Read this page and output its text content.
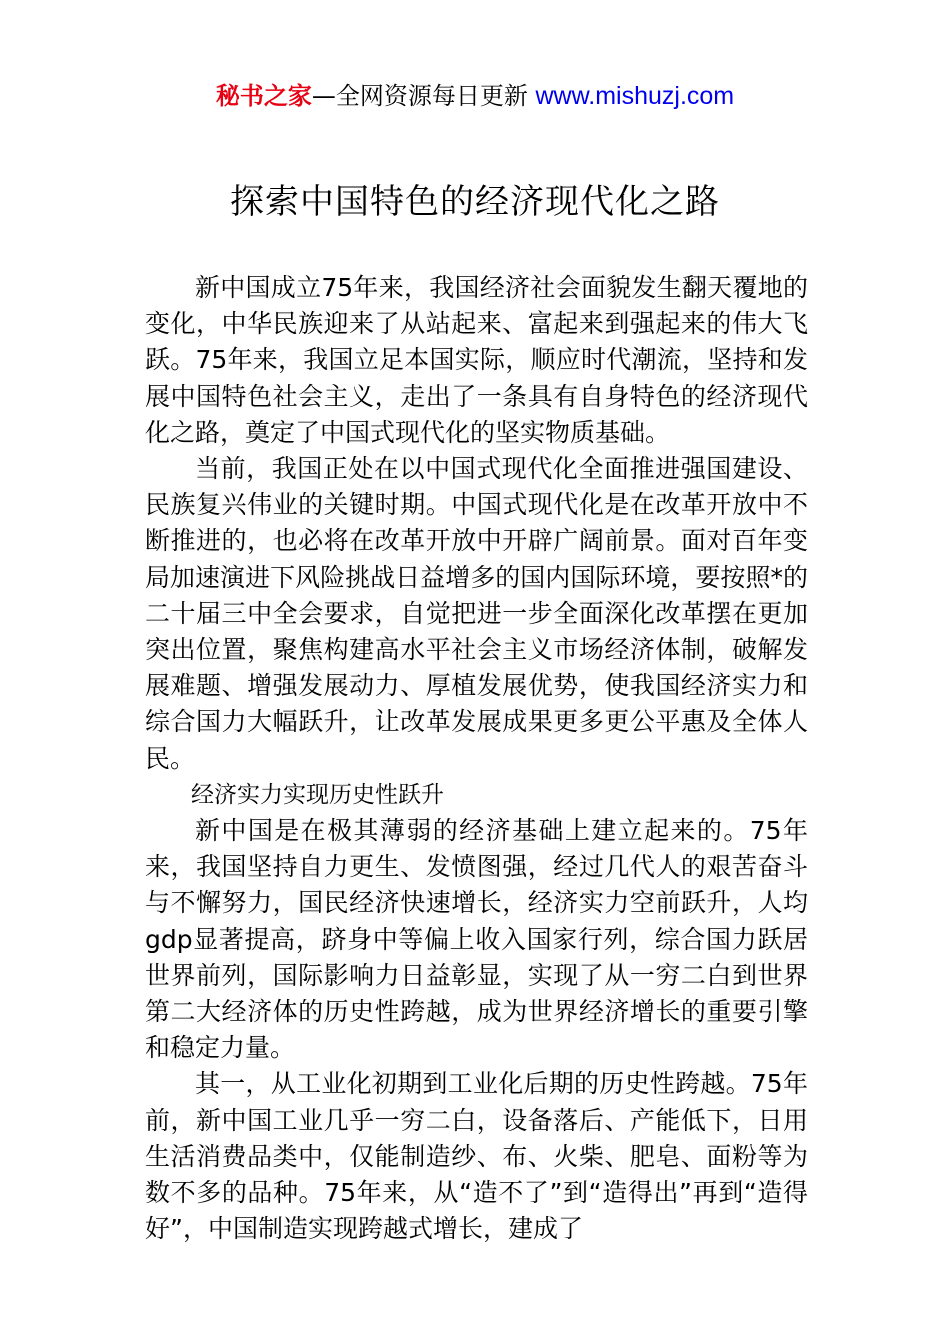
秘书之家—全网资源每日更新 www.mishuzj.com
探索中国特色的经济现代化之路

新中国成立75年来，我国经济社会面貌发生翻天覆地的变化，中华民族迎来了从站起来、富起来到强起来的伟大飞跃。75年来，我国立足本国实际，顺应时代潮流，坚持和发展中国特色社会主义，走出了一条具有自身特色的经济现代化之路，奠定了中国式现代化的坚实物质基础。

当前，我国正处在以中国式现代化全面推进强国建设、民族复兴伟业的关键时期。中国式现代化是在改革开放中不断推进的，也必将在改革开放中开辟广阔前景。面对百年变局加速演进下风险挑战日益增多的国内国际环境，要按照*的二十届三中全会要求，自觉把进一步全面深化改革摆在更加突出位置，聚焦构建高水平社会主义市场经济体制，破解发展难题、增强发展动力、厚植发展优势，使我国经济实力和综合国力大幅跃升，让改革发展成果更多更公平惠及全体人民。

经济实力实现历史性跃升

新中国是在极其薄弱的经济基础上建立起来的。75年来，我国坚持自力更生、发愤图强，经过几代人的艰苦奋斗与不懈努力，国民经济快速增长，经济实力空前跃升，人均gdp显著提高，跻身中等偏上收入国家行列，综合国力跃居世界前列，国际影响力日益彰显，实现了从一穷二白到世界第二大经济体的历史性跨越，成为世界经济增长的重要引擎和稳定力量。

其一，从工业化初期到工业化后期的历史性跨越。75年前，新中国工业几乎一穷二白，设备落后、产能低下，日用生活消费品类中，仅能制造纱、布、火柴、肥皂、面粉等为数不多的品种。75年来，从“造不了”到“造得出”再到“造得好”，中国制造实现跨越式增长，建成了
